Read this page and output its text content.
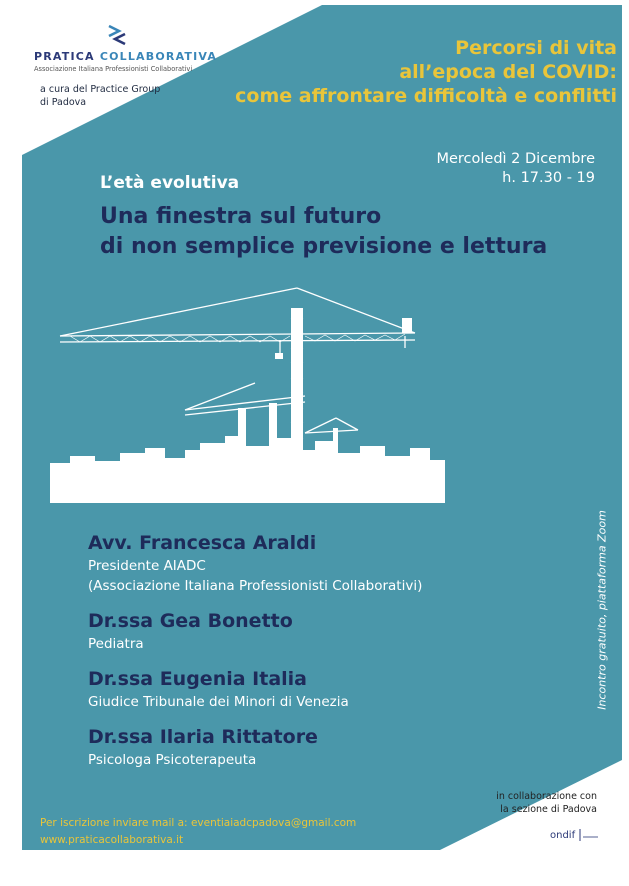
PRATICA COLLABORATIVA
Associazione Italiana Professionisti Collaborativi
a cura del Practice Group
di Padova
Percorsi di vita
all’epoca del COVID:
come affrontare difficoltà e conflitti
Mercoledì 2 Dicembre
h. 17.30 - 19
L’età evolutiva
Una finestra sul futuro
di non semplice previsione e lettura
Avv. Francesca Araldi
Presidente AIADC
(Associazione Italiana Professionisti Collaborativi)
Dr.ssa Gea Bonetto
Pediatra
Dr.ssa Eugenia Italia
Giudice Tribunale dei Minori di Venezia
Dr.ssa Ilaria Rittatore
Psicologa Psicoterapeuta
Incontro gratuito, piattaforma Zoom
Per iscrizione inviare mail a: eventiaiadcpadova@gmail.com
www.praticacollaborativa.it
in collaborazione con
la sezione di Padova
ondif
